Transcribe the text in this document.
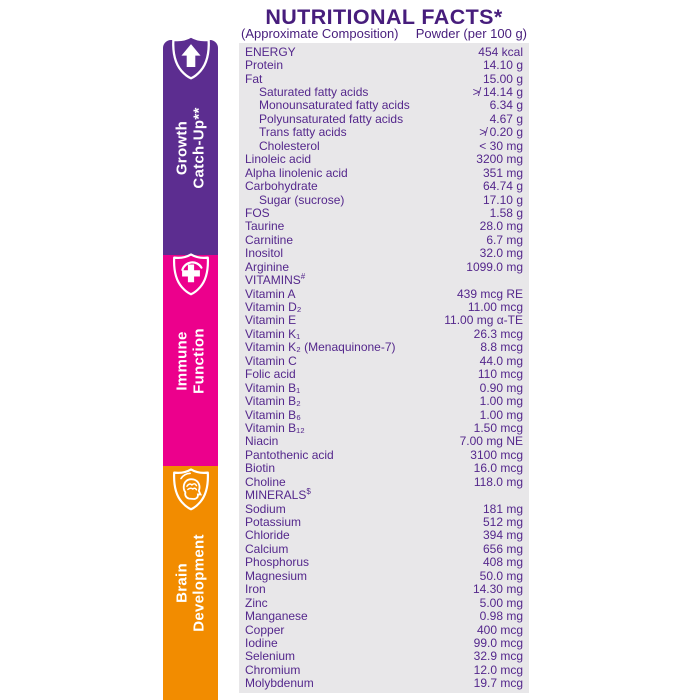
Growth Catch-Up**
Immune Function
Brain Development
NUTRITIONAL FACTS*
(Approximate Composition) Powder (per 100 g)
ENERGY	454 kcal
Protein	14.10 g
Fat	15.00 g
Saturated fatty acids	≯ 14.14 g
Monounsaturated fatty acids	6.34 g
Polyunsaturated fatty acids	4.67 g
Trans fatty acids	≯ 0.20 g
Cholesterol	< 30 mg
Linoleic acid	3200 mg
Alpha linolenic acid	351 mg
Carbohydrate	64.74 g
Sugar (sucrose)	17.10 g
FOS	1.58 g
Taurine	28.0 mg
Carnitine	6.7 mg
Inositol	32.0 mg
Arginine	1099.0 mg
VITAMINS#
Vitamin A	439 mcg RE
Vitamin D₂	11.00 mcg
Vitamin E	11.00 mg α-TE
Vitamin K₁	26.3 mcg
Vitamin K₂ (Menaquinone-7)	8.8 mcg
Vitamin C	44.0 mg
Folic acid	110 mcg
Vitamin B₁	0.90 mg
Vitamin B₂	1.00 mg
Vitamin B₆	1.00 mg
Vitamin B₁₂	1.50 mcg
Niacin	7.00 mg NE
Pantothenic acid	3100 mcg
Biotin	16.0 mcg
Choline	118.0 mg
MINERALS$
Sodium	181 mg
Potassium	512 mg
Chloride	394 mg
Calcium	656 mg
Phosphorus	408 mg
Magnesium	50.0 mg
Iron	14.30 mg
Zinc	5.00 mg
Manganese	0.98 mg
Copper	400 mcg
Iodine	99.0 mcg
Selenium	32.9 mcg
Chromium	12.0 mcg
Molybdenum	19.7 mcg
